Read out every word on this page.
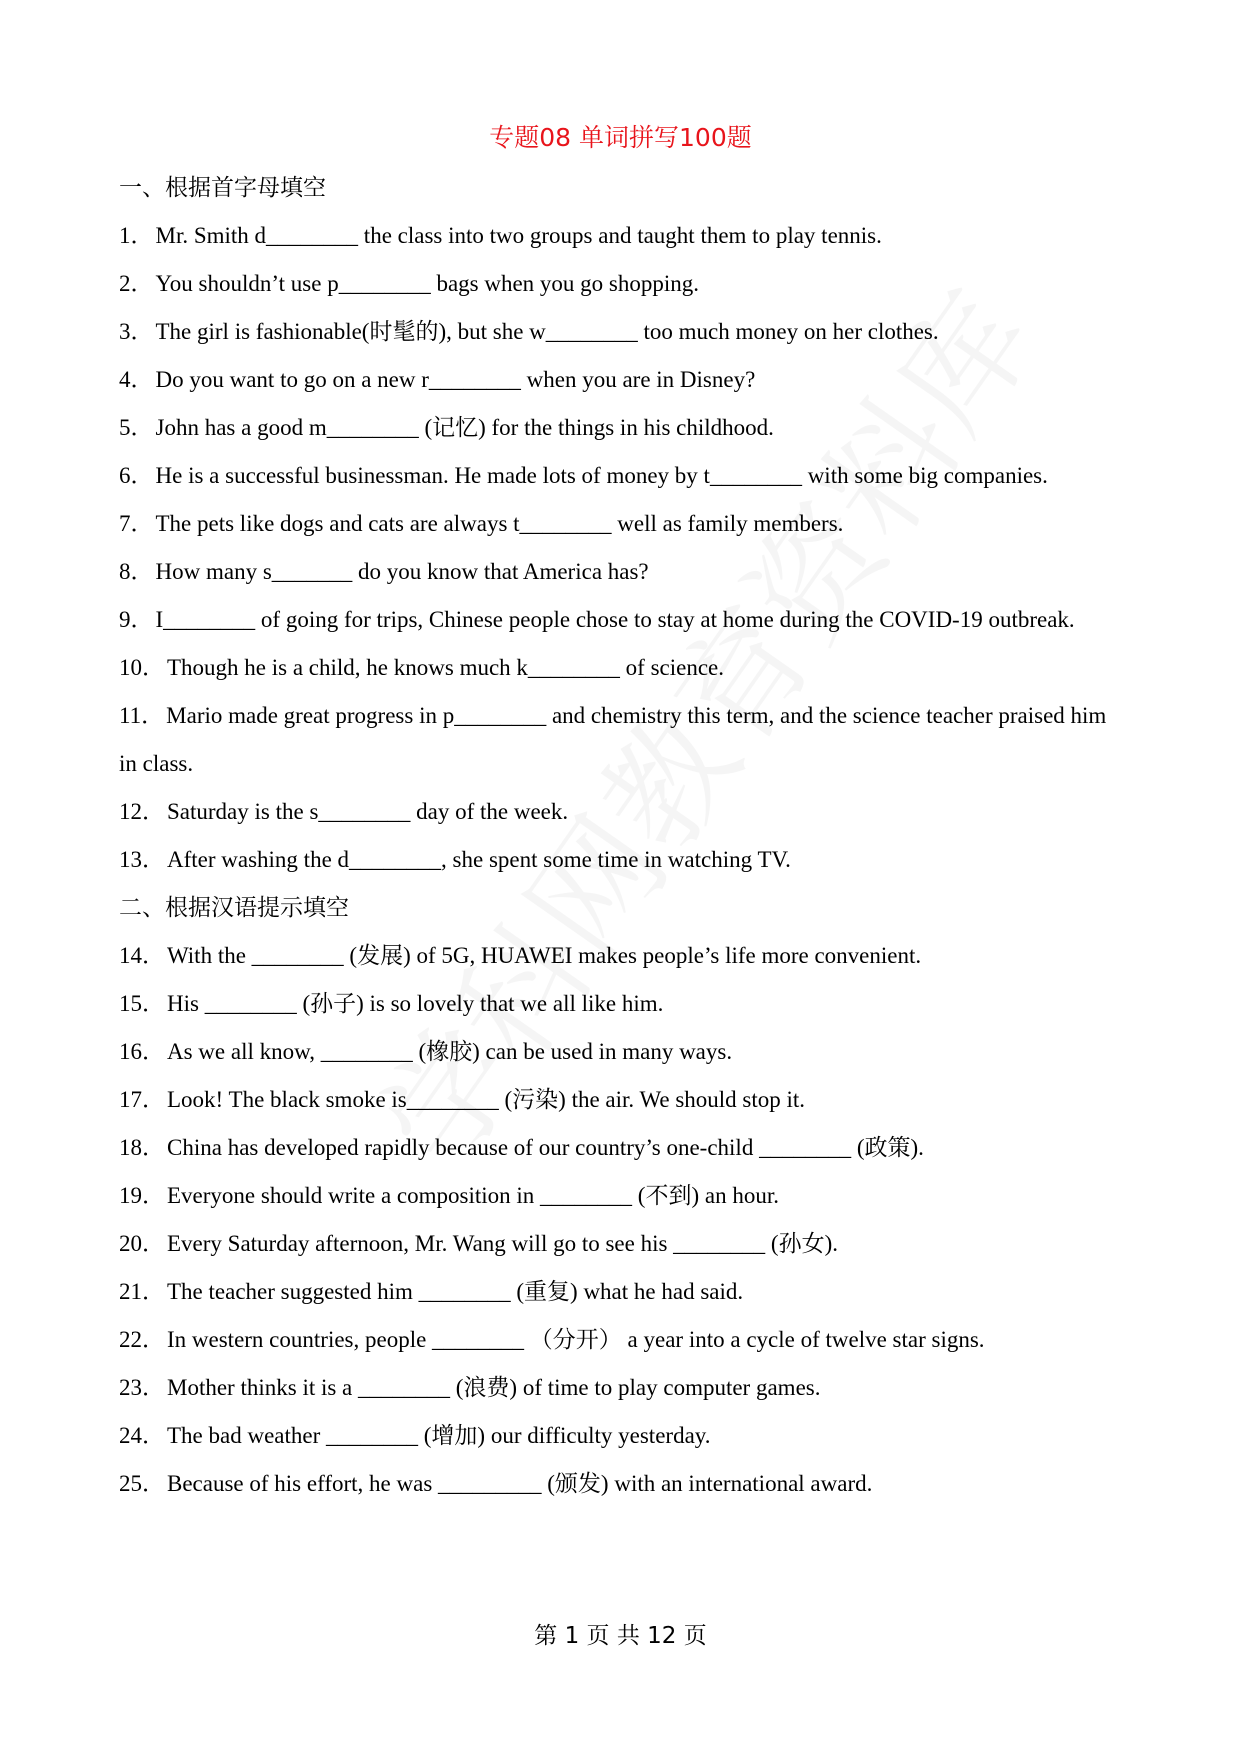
专题08 单词拼写100题
一、根据首字母填空
1．Mr. Smith d________ the class into two groups and taught them to play tennis.
2．You shouldn’t use p________ bags when you go shopping.
3．The girl is fashionable(时髦的), but she w________ too much money on her clothes.
4．Do you want to go on a new r________ when you are in Disney?
5．John has a good m________ (记忆) for the things in his childhood.
6．He is a successful businessman. He made lots of money by t________ with some big companies.
7．The pets like dogs and cats are always t________ well as family members.
8．How many s_______ do you know that America has?
9．I________ of going for trips, Chinese people chose to stay at home during the COVID-19 outbreak.
10．Though he is a child, he knows much k________ of science.
11．Mario made great progress in p________ and chemistry this term, and the science teacher praised him in class.
12．Saturday is the s________ day of the week.
13．After washing the d________, she spent some time in watching TV.
二、根据汉语提示填空
14．With the ________ (发展) of 5G, HUAWEI makes people’s life more convenient.
15．His ________ (孙子) is so lovely that we all like him.
16．As we all know, ________ (橡胶) can be used in many ways.
17．Look! The black smoke is________ (污染) the air. We should stop it.
18．China has developed rapidly because of our country’s one-child ________ (政策).
19．Everyone should write a composition in ________ (不到) an hour.
20．Every Saturday afternoon, Mr. Wang will go to see his ________ (孙女).
21．The teacher suggested him ________ (重复) what he had said.
22．In western countries, people ________ （分开） a year into a cycle of twelve star signs.
23．Mother thinks it is a ________ (浪费) of time to play computer games.
24．The bad weather ________ (增加) our difficulty yesterday.
25．Because of his effort, he was _________ (颁发) with an international award.
第 1 页 共 12 页
